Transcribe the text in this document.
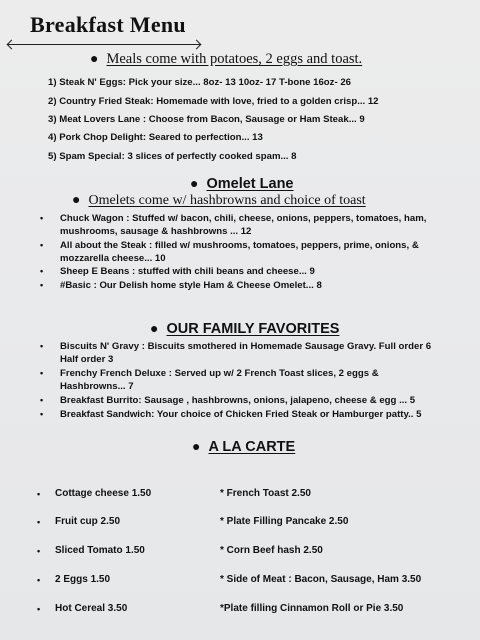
Breakfast Menu
● Meals come with potatoes, 2 eggs and toast.
1) Steak N' Eggs: Pick your size... 8oz- 13 10oz- 17 T-bone 16oz- 26
2) Country Fried Steak: Homemade with love, fried to a golden crisp... 12
3) Meat Lovers Lane : Choose from Bacon, Sausage or Ham Steak... 9
4) Pork Chop Delight: Seared to perfection... 13
5) Spam Special: 3 slices of perfectly cooked spam... 8
● Omelet Lane
● Omelets come w/ hashbrowns and choice of toast
• Chuck Wagon : Stuffed w/ bacon, chili, cheese, onions, peppers, tomatoes, ham,
mushrooms, sausage & hashbrowns ... 12
• All about the Steak : filled w/ mushrooms, tomatoes, peppers, prime, onions, &
mozzarella cheese... 10
• Sheep E Beans : stuffed with chili beans and cheese... 9
• #Basic : Our Delish home style Ham & Cheese Omelet... 8
● OUR FAMILY FAVORITES
• Biscuits N' Gravy : Biscuits smothered in Homemade Sausage Gravy. Full order 6
Half order 3
• Frenchy French Deluxe : Served up w/ 2 French Toast slices, 2 eggs &
Hashbrowns... 7
• Breakfast Burrito: Sausage , hashbrowns, onions, jalapeno, cheese & egg ... 5
• Breakfast Sandwich: Your choice of Chicken Fried Steak or Hamburger patty.. 5
● A LA CARTE
• Cottage cheese 1.50
• Fruit cup 2.50
• Sliced Tomato 1.50
• 2 Eggs 1.50
• Hot Cereal 3.50
* French Toast 2.50
* Plate Filling Pancake 2.50
* Corn Beef hash 2.50
* Side of Meat : Bacon, Sausage, Ham 3.50
*Plate filling Cinnamon Roll or Pie 3.50
